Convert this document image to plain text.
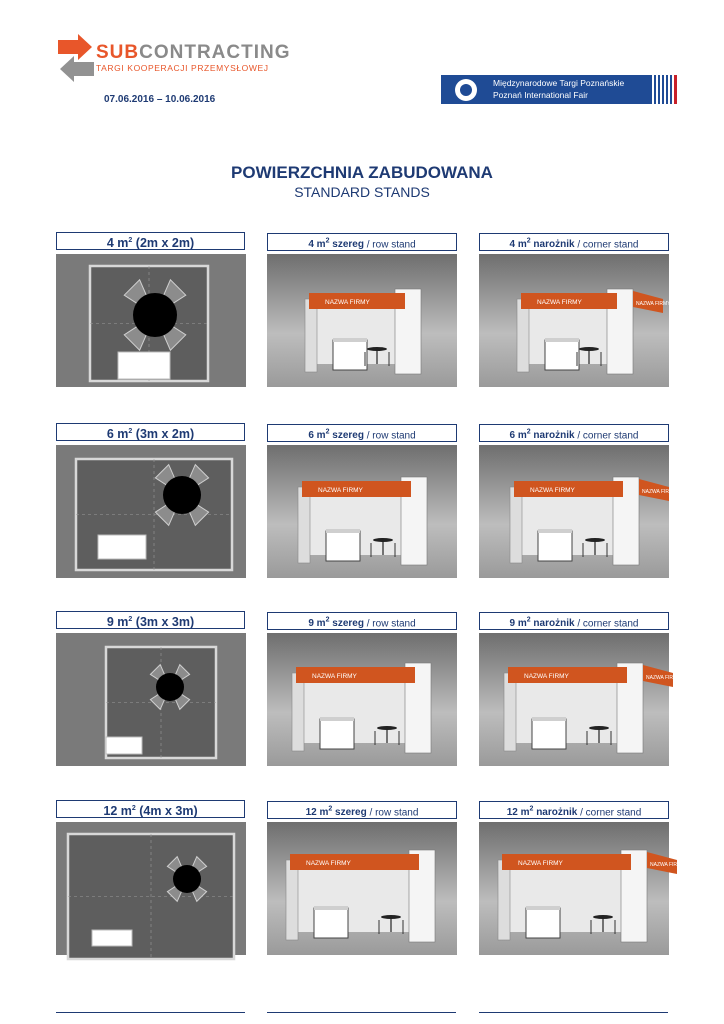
SUBCONTRACTING
TARGI KOOPERACJI PRZEMYSŁOWEJ
07.06.2016 – 10.06.2016
Międzynarodowe Targi Poznańskie
Poznań International Fair
POWIERZCHNIA ZABUDOWANA
STANDARD STANDS
4 $m^2$ (2m x 2m)	4 $m^2$ szereg / row stand	4 $m^2$ narożnik / corner stand
NAZWA FIRMY	NAZWA FIRMY	NAZWA FIRMY
6 $m^2$ (3m x 2m)	6 $m^2$ szereg / row stand	6 $m^2$ narożnik / corner stand
NAZWA FIRMY	NAZWA FIRMY	NAZWA FIRMY
9 $m^2$ (3m x 3m)	9 $m^2$ szereg / row stand	9 $m^2$ narożnik / corner stand
NAZWA FIRMY	NAZWA FIRMY	NAZWA FIRMY
12 $m^2$ (4m x 3m)	12 $m^2$ szereg / row stand	12 $m^2$ narożnik / corner stand
NAZWA FIRMY	NAZWA FIRMY	NAZWA FIRMY
